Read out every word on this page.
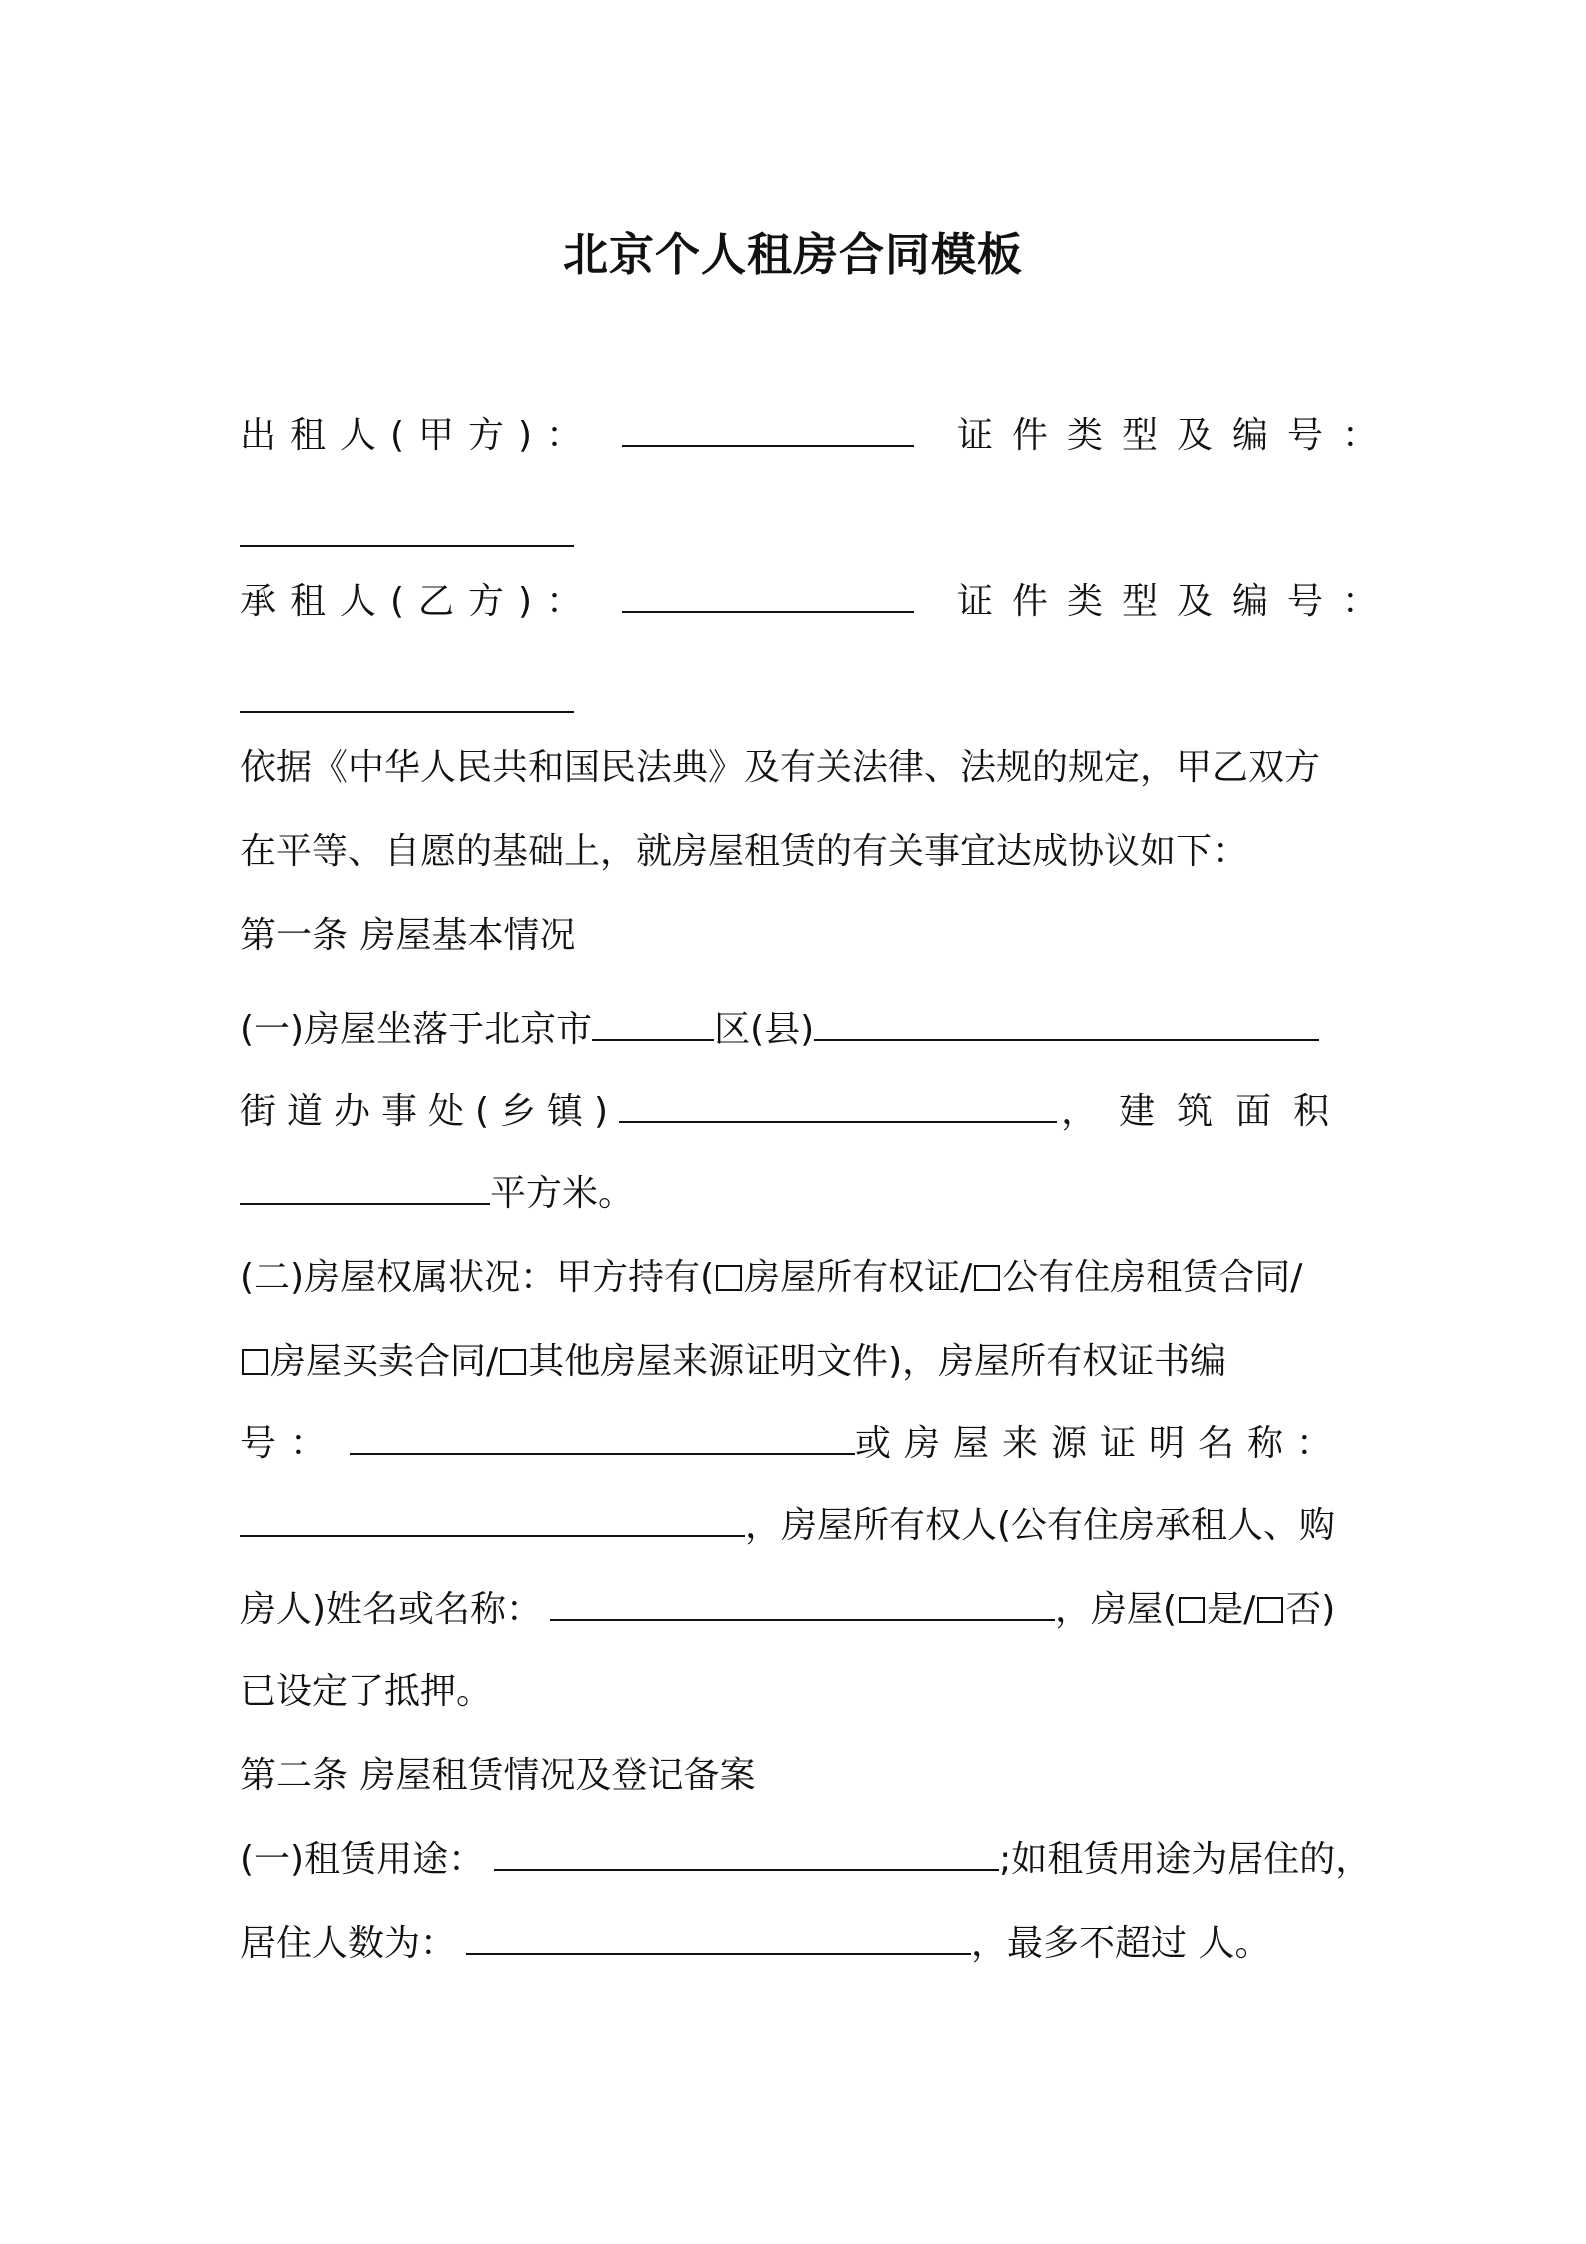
北京个人租房合同模板
出租人(甲方)：	证件类型及编号：
承租人(乙方)：	证件类型及编号：
依据《中华人民共和国民法典》及有关法律、法规的规定，甲乙双方
在平等、自愿的基础上，就房屋租赁的有关事宜达成协议如下：
第一条 房屋基本情况
(一)房屋坐落于北京市	区(县)
街道办事处(乡镇)	，建筑面积
平方米。
(二)房屋权属状况：甲方持有( 房屋所有权证/ 公有住房租赁合同/
房屋买卖合同/ 其他房屋来源证明文件)，房屋所有权证书编
号：	或房屋来源证明名称：
，房屋所有权人(公有住房承租人、购
房人)姓名或名称：	，房屋( 是/ 否)
已设定了抵押。
第二条 房屋租赁情况及登记备案
(一)租赁用途：	;如租赁用途为居住的，
居住人数为：	，最多不超过 人。
